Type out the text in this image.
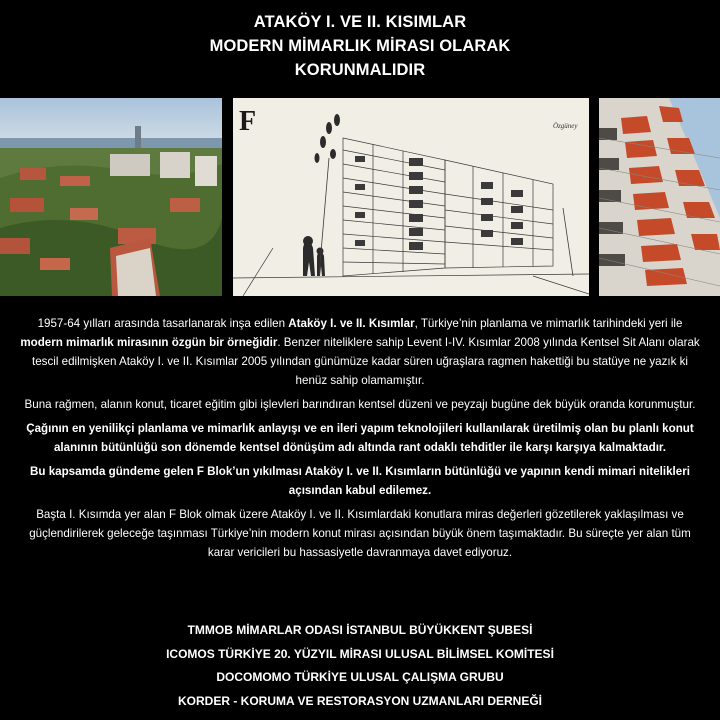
ATAKÖY I. VE II. KISIMLAR
MODERN MİMARLIK MİRASI OLARAK
KORUNMALIDIR
F	Özgüney

1957-64 yılları arasında tasarlanarak inşa edilen Ataköy I. ve II. Kısımlar, Türkiye’nin planlama ve mimarlık tarihindeki yeri ile modern mimarlık mirasının özgün bir örneğidir. Benzer niteliklere sahip Levent I-IV. Kısımlar 2008 yılında Kentsel Sit Alanı olarak tescil edilmişken Ataköy I. ve II. Kısımlar 2005 yılından günümüze kadar süren uğraşlara ragmen hakettiği bu statüye ne yazık ki henüz sahip olamamıştır.

Buna rağmen, alanın konut, ticaret eğitim gibi işlevleri barındıran kentsel düzeni ve peyzajı bugüne dek büyük oranda korunmuştur.

Çağının en yenilikçi planlama ve mimarlık anlayışı ve en ileri yapım teknolojileri kullanılarak üretilmiş olan bu planlı konut alanının bütünlüğü son dönemde kentsel dönüşüm adı altında rant odaklı tehditler ile karşı karşıya kalmaktadır.

Bu kapsamda gündeme gelen F Blok’un yıkılması Ataköy I. ve II. Kısımların bütünlüğü ve yapının kendi mimari nitelikleri açısından kabul edilemez.

Başta I. Kısımda yer alan F Blok olmak üzere Ataköy I. ve II. Kısımlardaki konutlara miras değerleri gözetilerek yaklaşılması ve güçlendirilerek geleceğe taşınması Türkiye’nin modern konut mirası açısından büyük önem taşımaktadır. Bu süreçte yer alan tüm karar vericileri bu hassasiyetle davranmaya davet ediyoruz.

TMMOB MİMARLAR ODASI İSTANBUL BÜYÜKKENT ŞUBESİ
ICOMOS TÜRKİYE 20. YÜZYIL MİRASI ULUSAL BİLİMSEL KOMİTESİ
DOCOMOMO TÜRKİYE ULUSAL ÇALIŞMA GRUBU
KORDER - KORUMA VE RESTORASYON UZMANLARI DERNEĞİ
